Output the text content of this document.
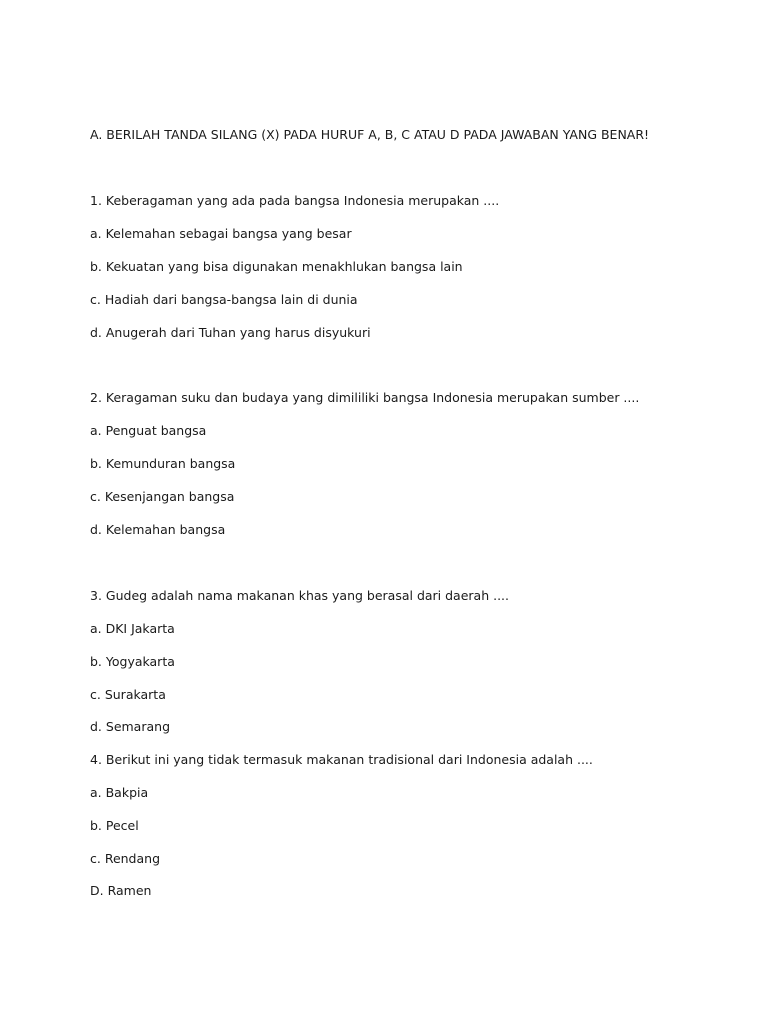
A. BERILAH TANDA SILANG (X) PADA HURUF A, B, C ATAU D PADA JAWABAN YANG BENAR!
1. Keberagaman yang ada pada bangsa Indonesia merupakan ....
a. Kelemahan sebagai bangsa yang besar
b. Kekuatan yang bisa digunakan menakhlukan bangsa lain
c. Hadiah dari bangsa-bangsa lain di dunia
d. Anugerah dari Tuhan yang harus disyukuri
2. Keragaman suku dan budaya yang dimililiki bangsa Indonesia merupakan sumber ....
a. Penguat bangsa
b. Kemunduran bangsa
c. Kesenjangan bangsa
d. Kelemahan bangsa
3. Gudeg adalah nama makanan khas yang berasal dari daerah ....
a. DKI Jakarta
b. Yogyakarta
c. Surakarta
d. Semarang
4. Berikut ini yang tidak termasuk makanan tradisional dari Indonesia adalah ....
a. Bakpia
b. Pecel
c. Rendang
D. Ramen
